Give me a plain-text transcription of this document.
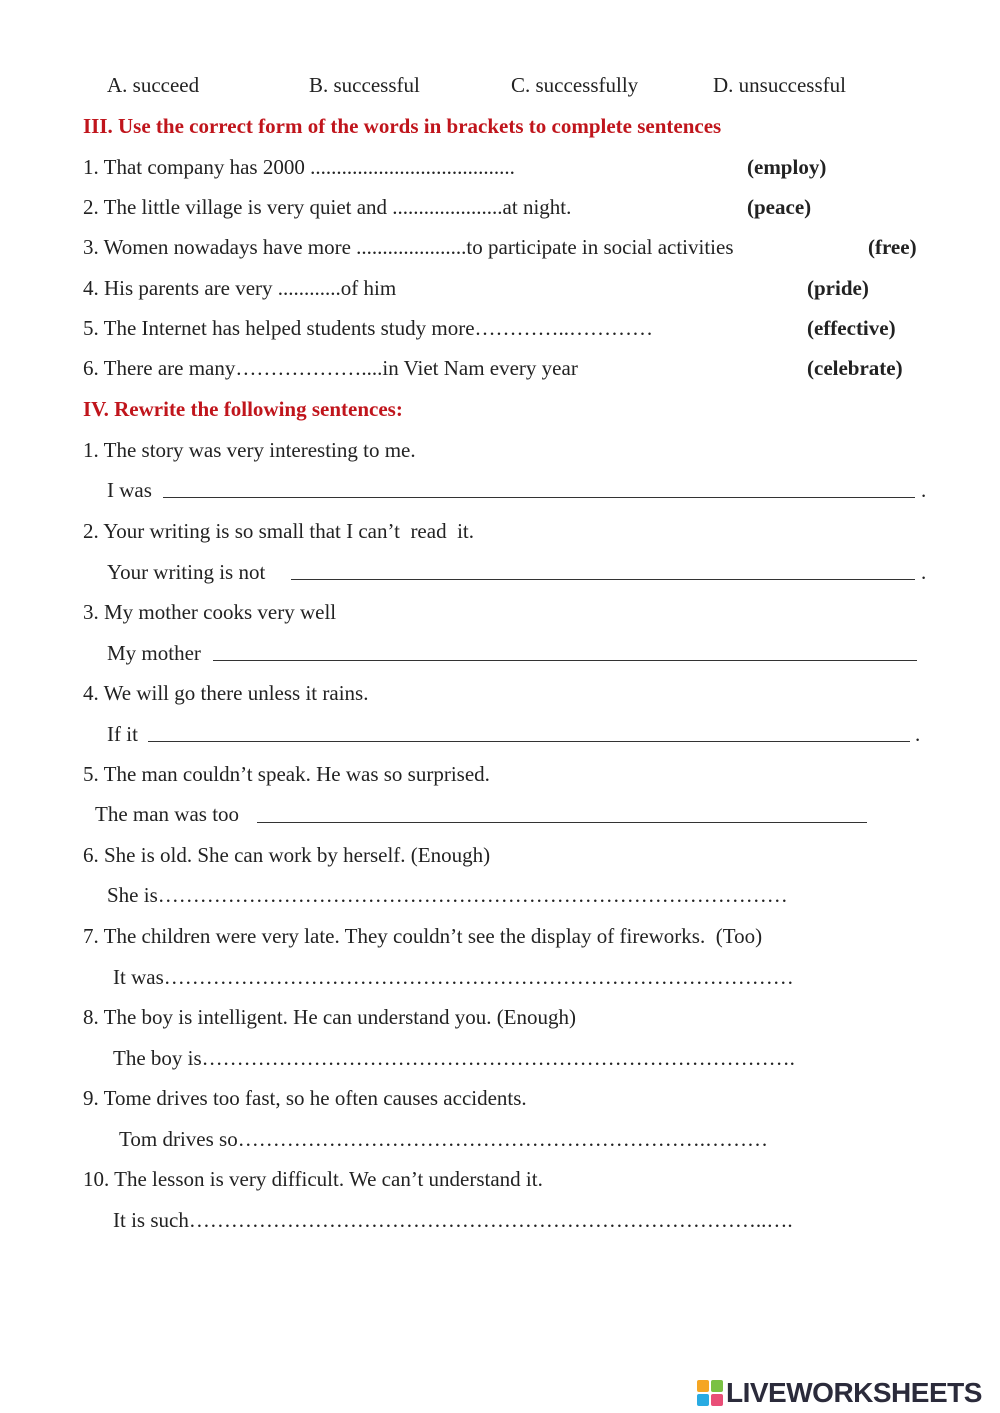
A. succeed	B. successful	C. successfully	D. unsuccessful
III. Use the correct form of the words in brackets to complete sentences
1. That company has 2000 .......................................	(employ)
2. The little village is very quiet and .....................at night.	(peace)
3. Women nowadays have more .....................to participate in social activities	(free)
4. His parents are very ............of him	(pride)
5. The Internet has helped students study more…………..…………	(effective)
6. There are many………………....in Viet Nam every year	(celebrate)
IV. Rewrite the following sentences:
1. The story was very interesting to me.
I was	.
2. Your writing is so small that I can’t  read  it.
Your writing is not	.
3. My mother cooks very well
My mother
4. We will go there unless it rains.
If it	.
5. The man couldn’t speak. He was so surprised.
The man was too
6. She is old. She can work by herself. (Enough)
She is………………………………………………………………………………
7. The children were very late. They couldn’t see the display of fireworks.  (Too)
It was………………………………………………………………………………
8. The boy is intelligent. He can understand you. (Enough)
The boy is………………………………………………………………………….
9. Tome drives too fast, so he often causes accidents.
Tom drives so………………………………………………………….………
10. The lesson is very difficult. We can’t understand it.
It is such………………………………………………………………………..….
LIVEWORKSHEETS
